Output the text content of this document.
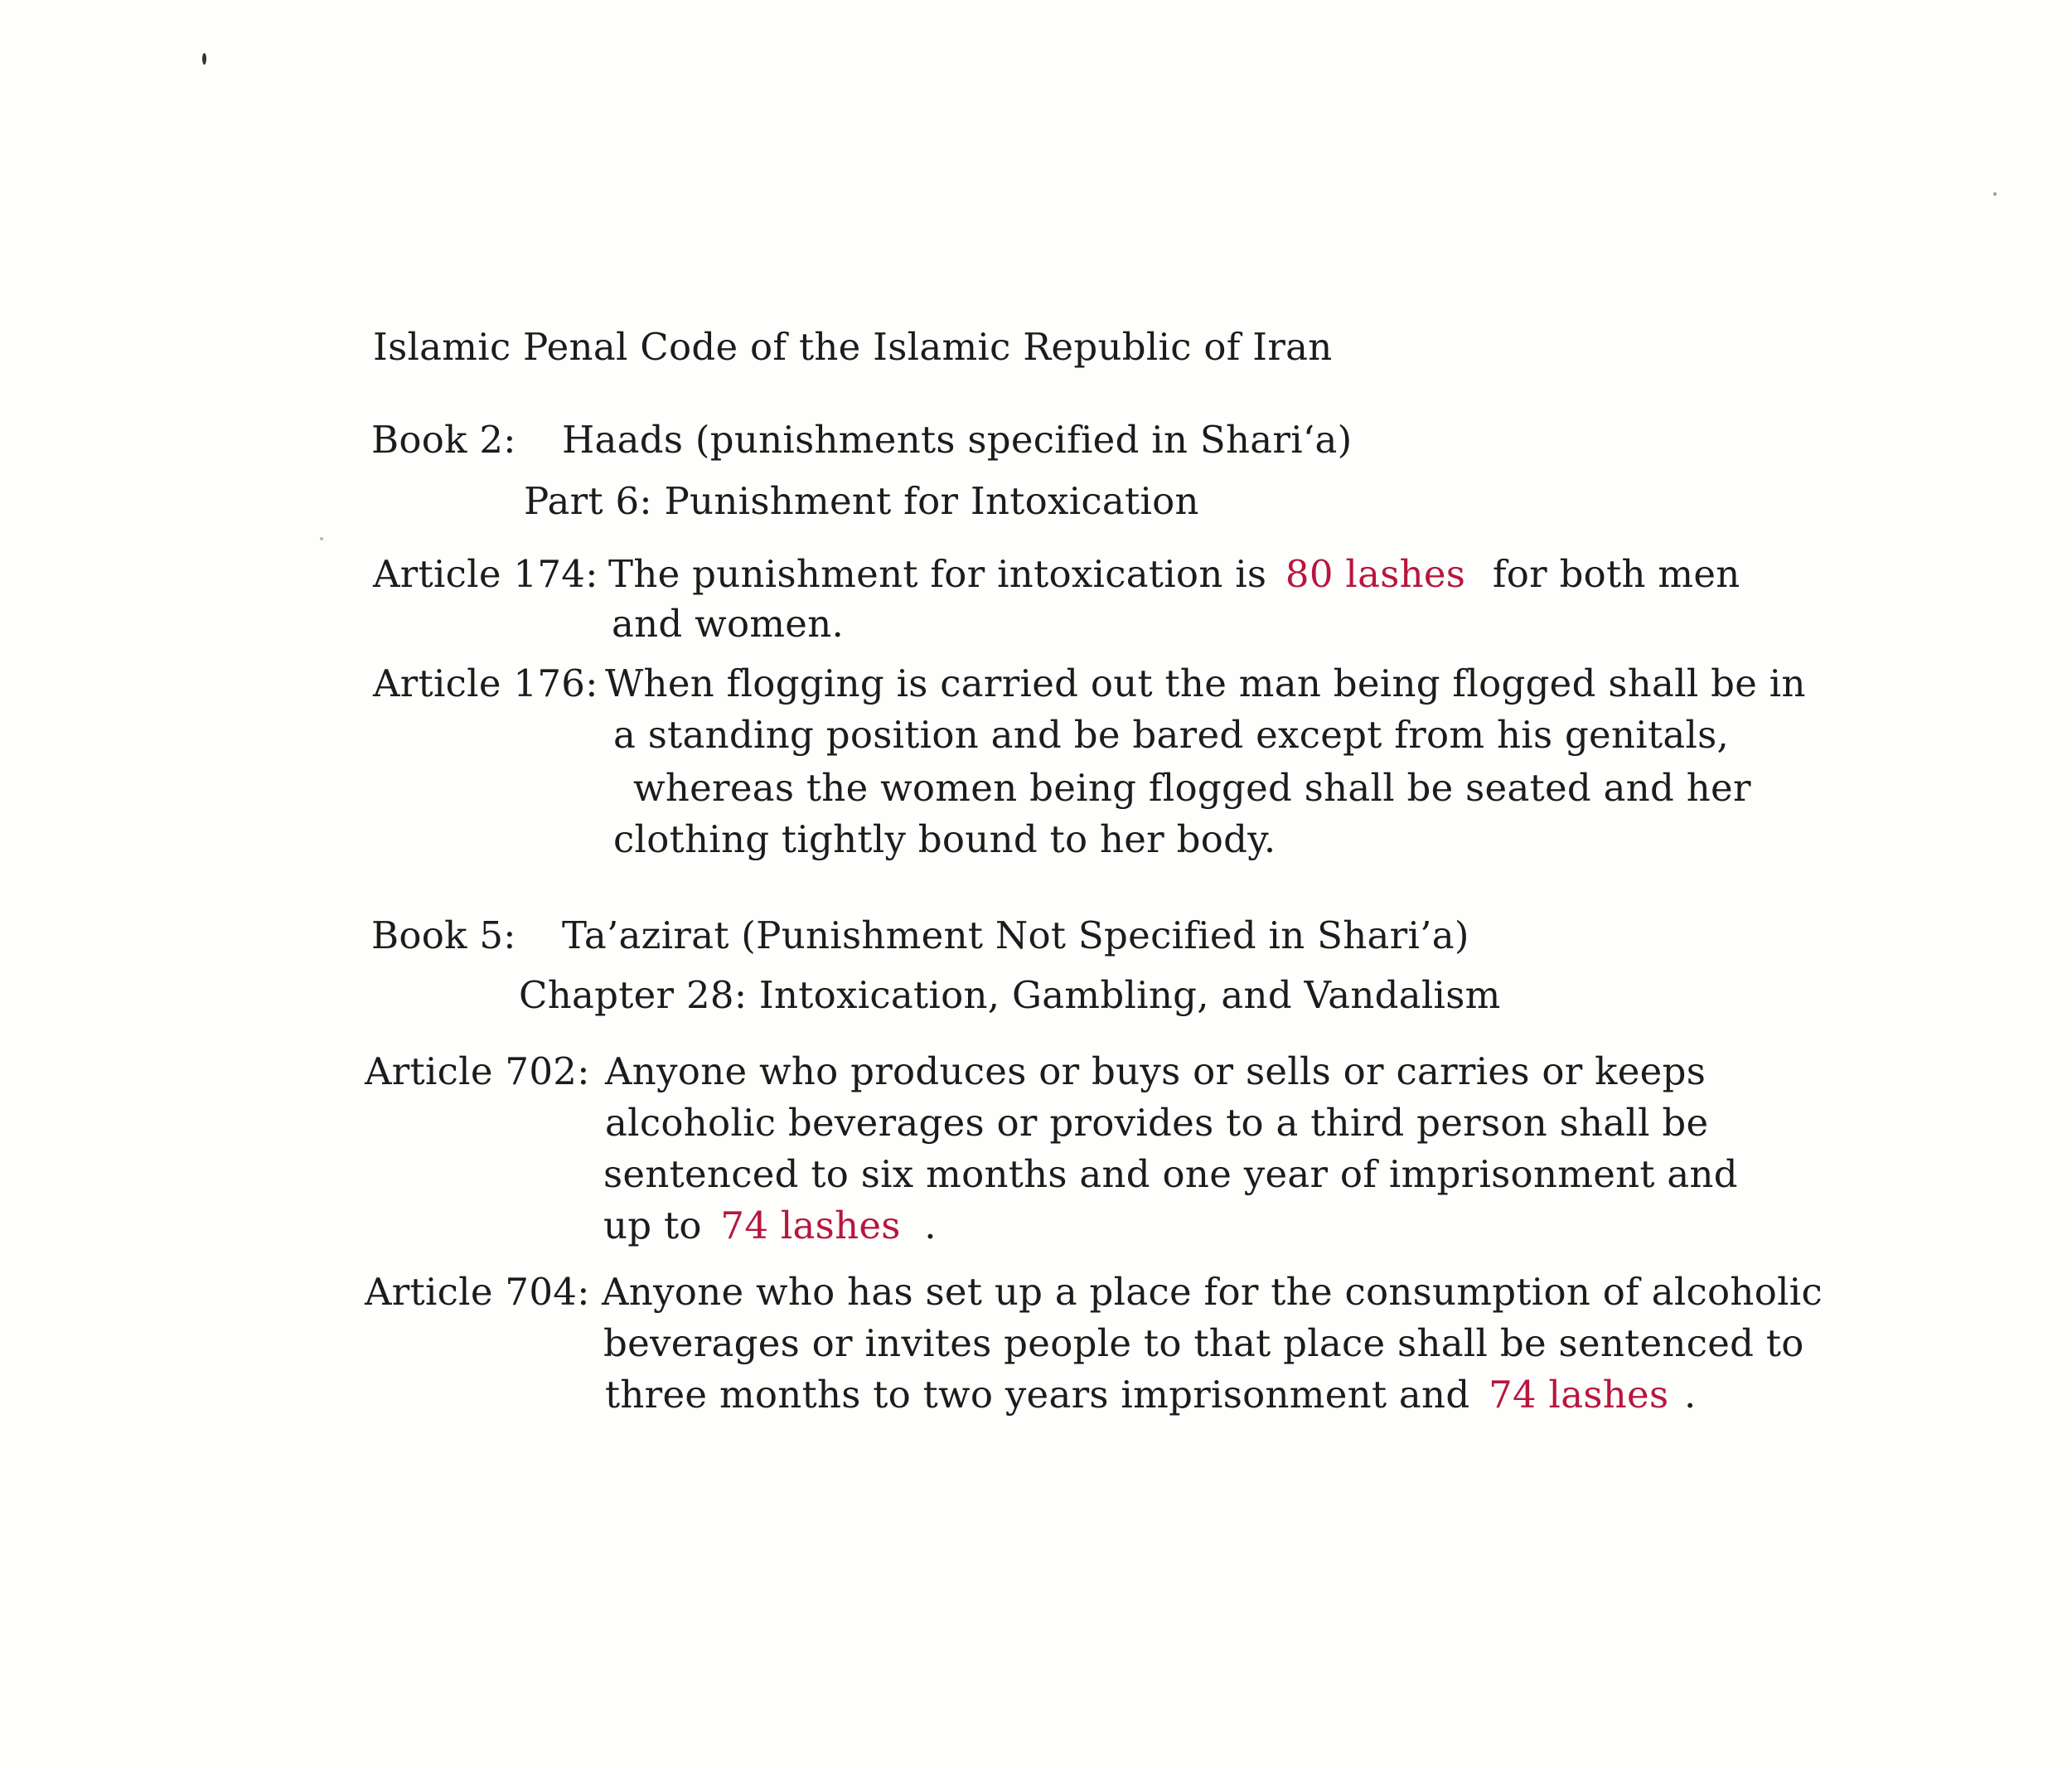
Islamic Penal Code of the Islamic Republic of Iran
Book 2: Haads (punishments specified in Shari‘a)
Part 6: Punishment for Intoxication
Article 174: The punishment for intoxication is 80 lashes for both men
and women.
Article 176: When flogging is carried out the man being flogged shall be in
a standing position and be bared except from his genitals,
whereas the women being flogged shall be seated and her
clothing tightly bound to her body.
Book 5: Ta’azirat (Punishment Not Specified in Shari’a)
Chapter 28: Intoxication, Gambling, and Vandalism
Article 702: Anyone who produces or buys or sells or carries or keeps
alcoholic beverages or provides to a third person shall be
sentenced to six months and one year of imprisonment and
up to 74 lashes .
Article 704: Anyone who has set up a place for the consumption of alcoholic
beverages or invites people to that place shall be sentenced to
three months to two years imprisonment and 74 lashes .
